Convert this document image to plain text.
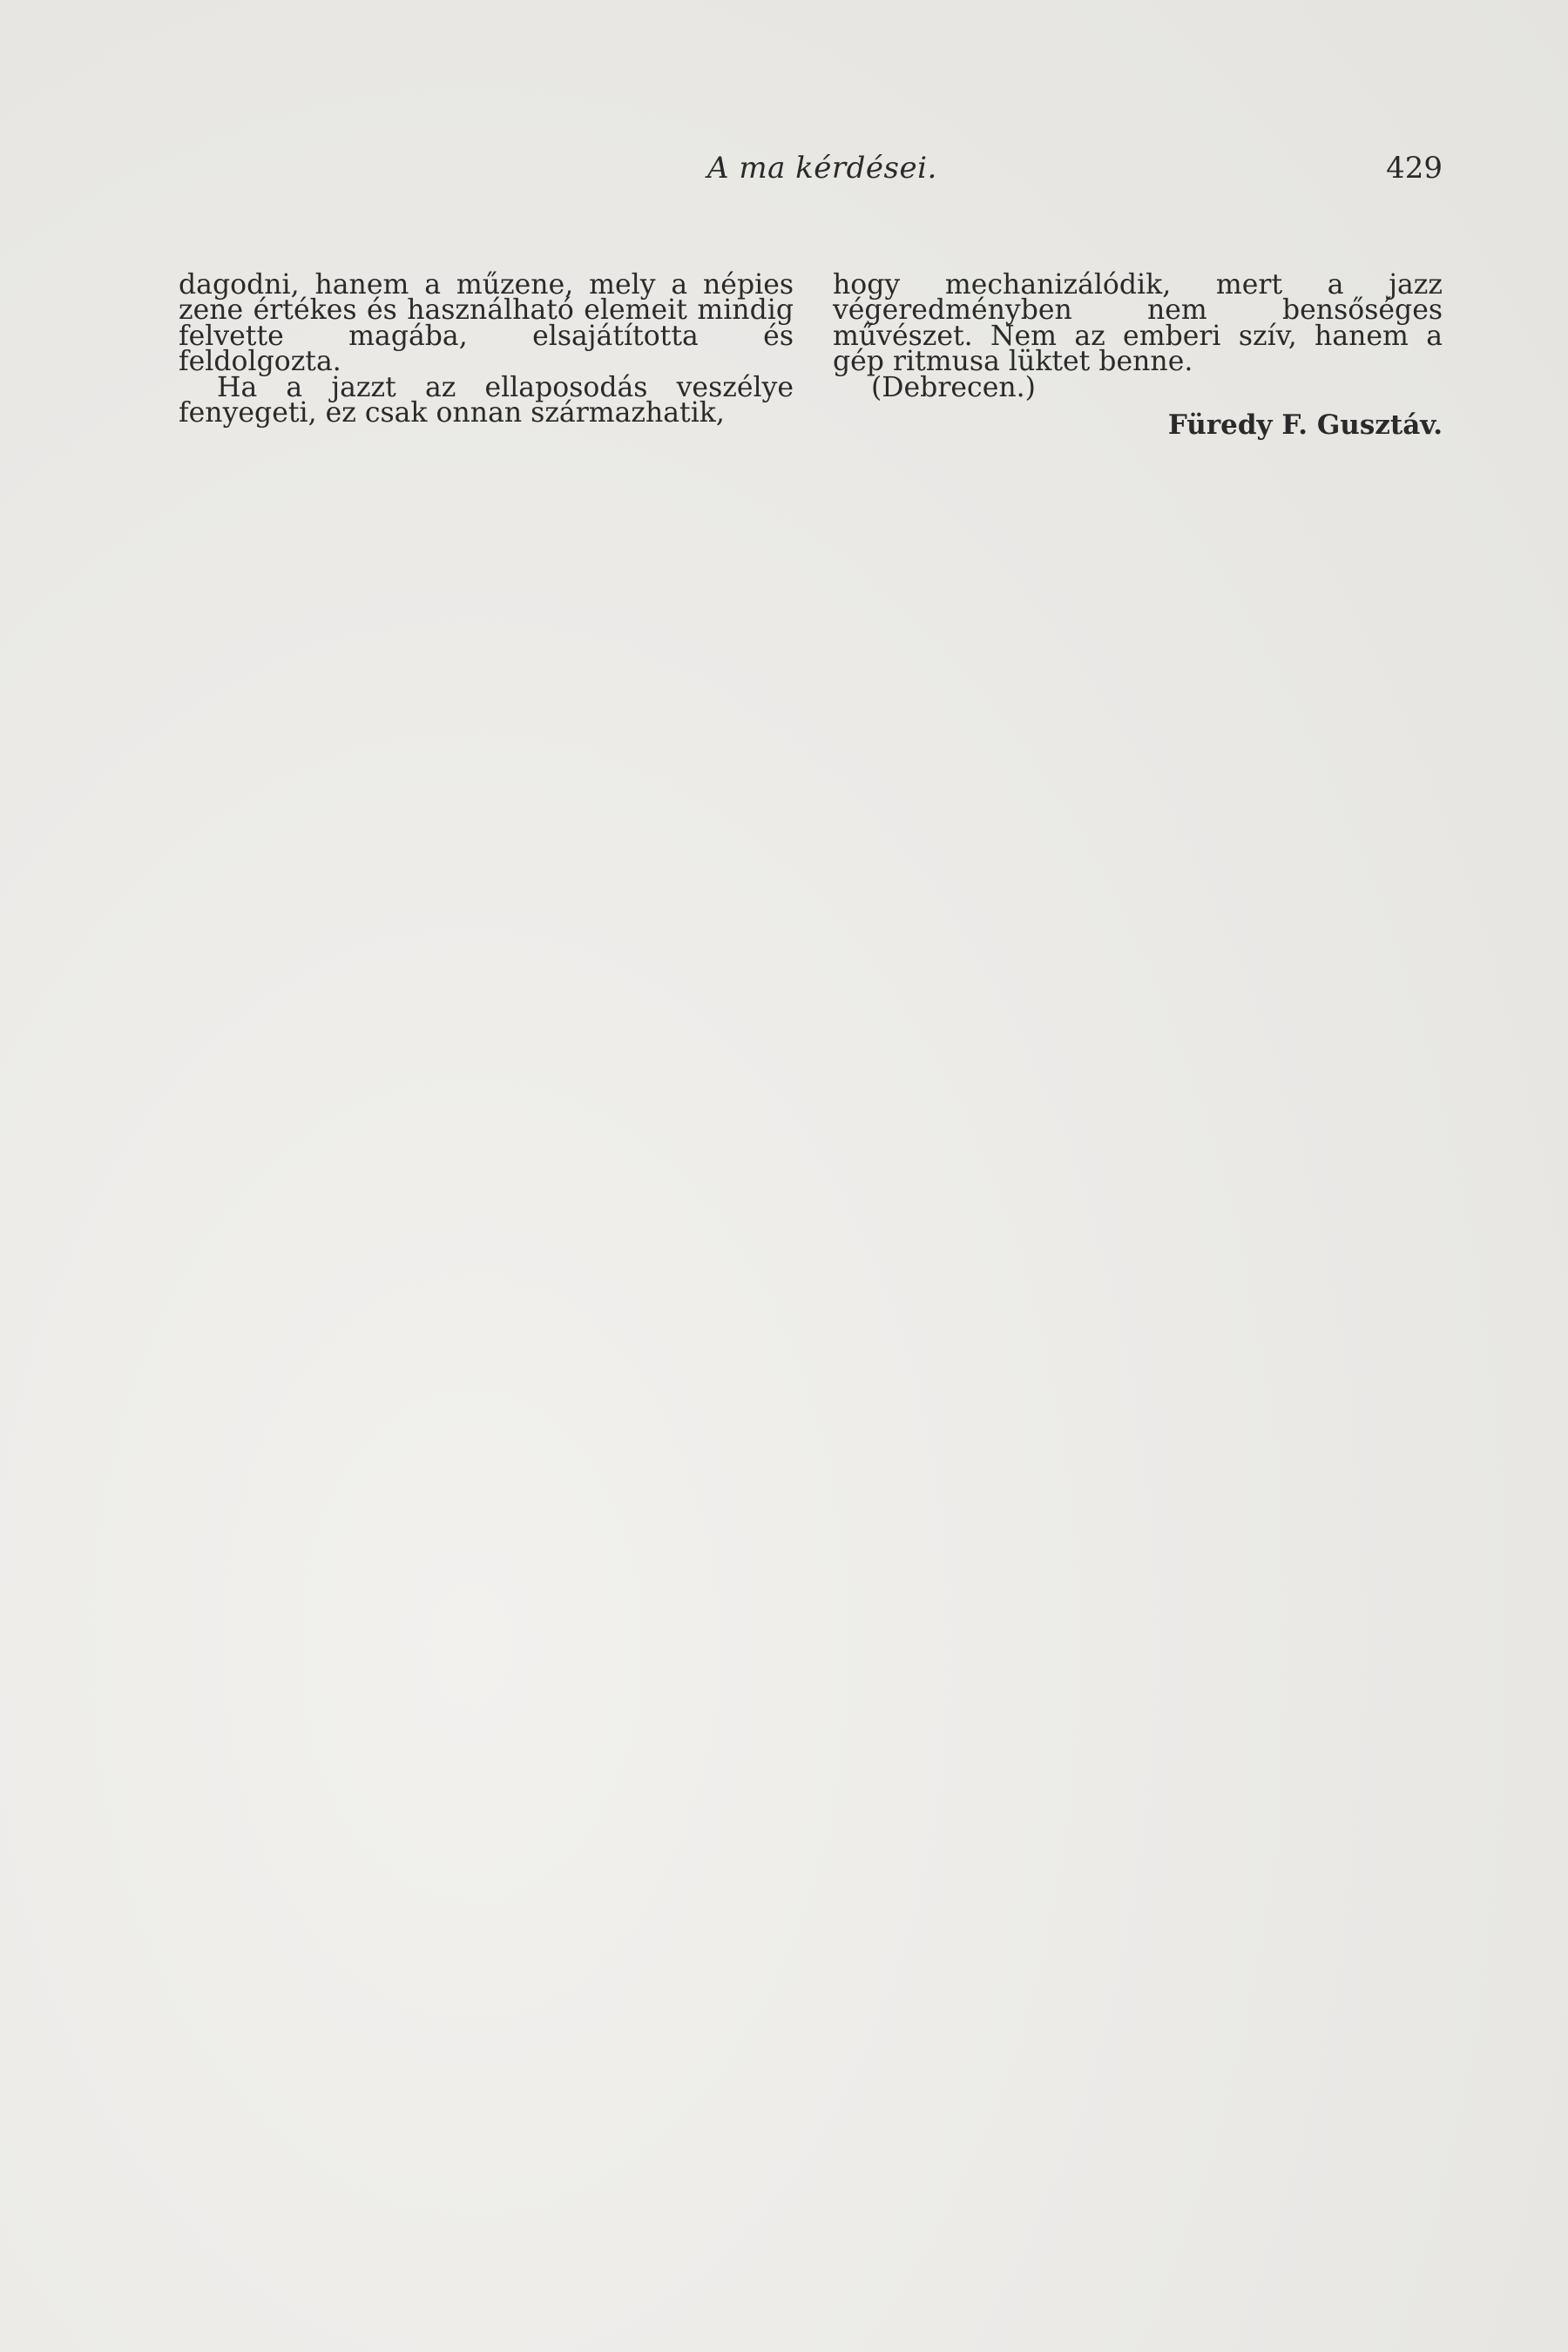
A ma kérdései.	429

dagodni, hanem a műzene, mely a népies zene értékes és használható elemeit mindig felvette magába, elsajátította és feldolgozta.

Ha a jazzt az ellaposodás veszélye fenyegeti, ez csak onnan származhatik,

hogy mechanizálódik, mert a jazz végeredményben nem bensőséges művészet. Nem az emberi szív, hanem a gép ritmusa lüktet benne.

(Debrecen.)

Füredy F. Gusztáv.
